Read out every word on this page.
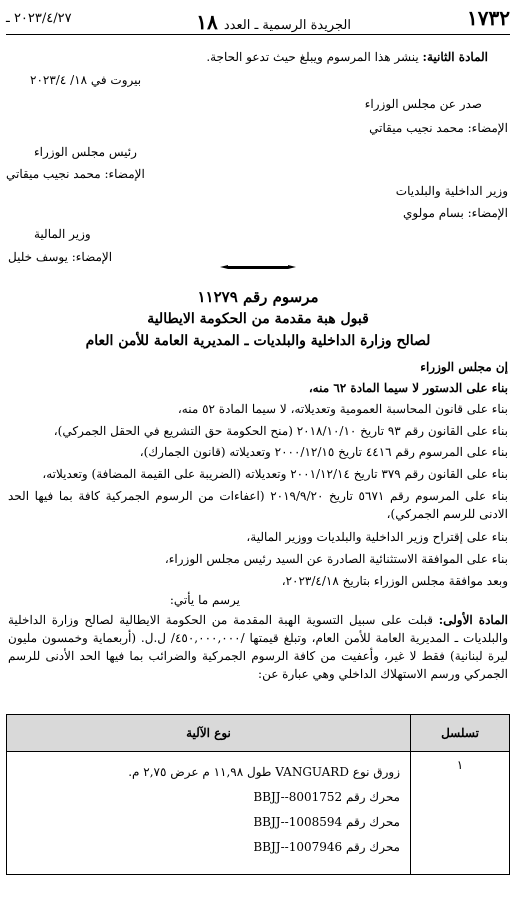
١٧٣٢
الجريدة الرسمية ـ العدد ١٨
٢٠٢٣/٤/٢٧ ـ
المادة الثانية: ينشر هذا المرسوم ويبلغ حيث تدعو الحاجة.
بيروت في ١٨/ ٢٠٢٣/٤
صدر عن مجلس الوزراء
الإمضاء: محمد نجيب ميقاتي
رئيس مجلس الوزراء
الإمضاء: محمد نجيب ميقاتي
وزير الداخلية والبلديات
الإمضاء: بسام مولوي
وزير المالية
الإمضاء: يوسف خليل
مرسوم رقم ١١٢٧٩
قبول هبة مقدمة من الحكومة الايطالية
لصالح وزارة الداخلية والبلديات ـ المديرية العامة للأمن العام
إن مجلس الوزراء
بناء على الدستور لا سيما المادة ٦٢ منه،
بناء على قانون المحاسبة العمومية وتعديلاته، لا سيما المادة ٥٢ منه،
بناء على القانون رقم ٩٣ تاريخ ٢٠١٨/١٠/١٠ (منح الحكومة حق التشريع في الحقل الجمركي)،
بناء على المرسوم رقم ٤٤١٦ تاريخ ٢٠٠٠/١٢/١٥ وتعديلاته (قانون الجمارك)،
بناء على القانون رقم ٣٧٩ تاريخ ٢٠٠١/١٢/١٤ وتعديلاته (الضريبة على القيمة المضافة) وتعديلاته،

بناء على المرسوم رقم ٥٦٧١ تاريخ ٢٠١٩/٩/٢٠ (اعفاءات من الرسوم الجمركية كافة بما فيها الحد الادنى للرسم الجمركي)،

بناء على إقتراح وزير الداخلية والبلديات ووزير المالية،
بناء على الموافقة الاستثنائية الصادرة عن السيد رئيس مجلس الوزراء،
وبعد موافقة مجلس الوزراء بتاريخ ٢٠٢٣/٤/١٨،
يرسم ما يأتي:

المادة الأولى: قبلت على سبيل التسوية الهبة المقدمة من الحكومة الايطالية لصالح وزارة الداخلية والبلديات ـ المديرية العامة للأمن العام، وتبلغ قيمتها /٤٥٠,٠٠٠,٠٠٠/ ل.ل. (أربعماية وخمسون مليون ليرة لبنانية) فقط لا غير، وأعفيت من كافة الرسوم الجمركية والضرائب بما فيها الحد الأدنى للرسم الجمركي ورسم الاستهلاك الداخلي وهي عبارة عن:

تسلسل	نوع الآلية
١	زورق نوع VANGUARD طول ١١,٩٨ م عرض ٢,٧٥ م.
محرك رقم BBJJ--8001752
محرك رقم BBJJ--1008594
محرك رقم BBJJ--1007946
